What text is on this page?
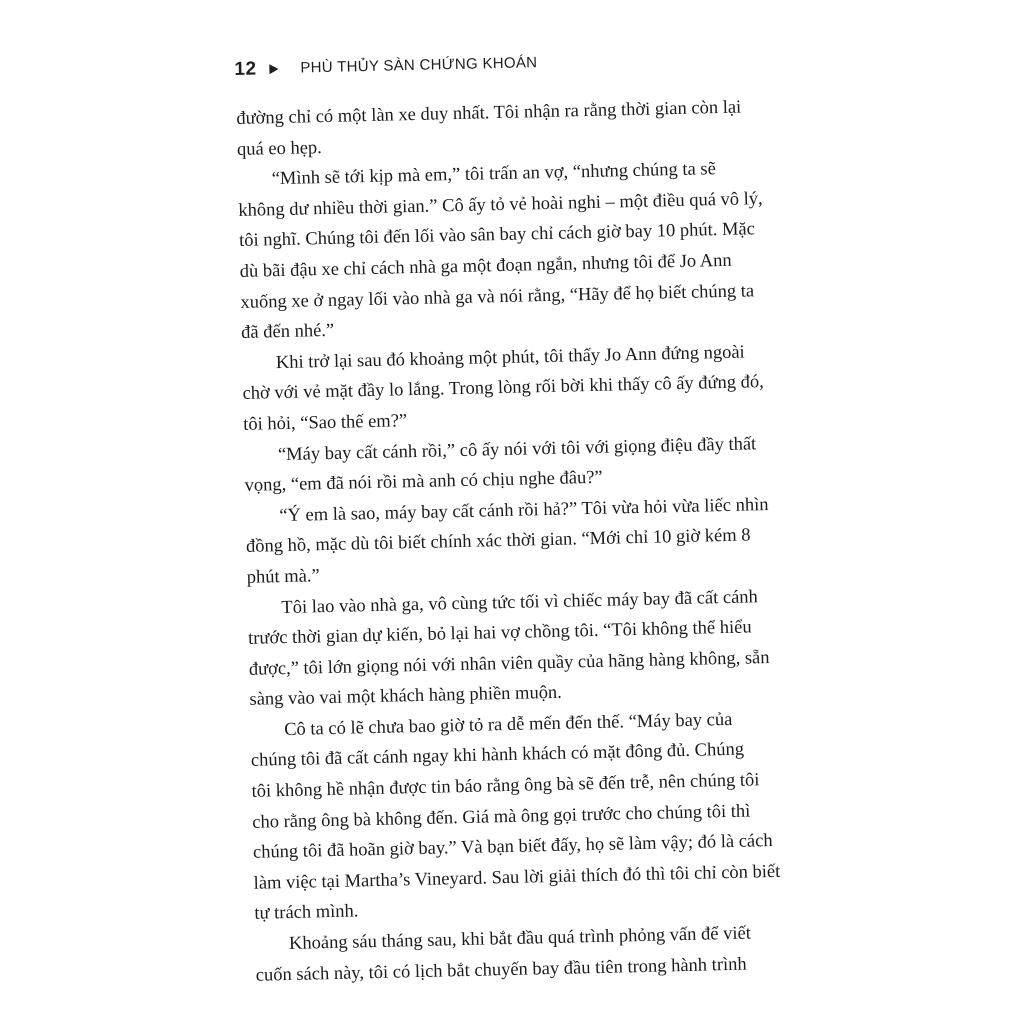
12	PHÙ THỦY SÀN CHỨNG KHOÁN

đường chỉ có một làn xe duy nhất. Tôi nhận ra rằng thời gian còn lại
quá eo hẹp.

“Mình sẽ tới kịp mà em,” tôi trấn an vợ, “nhưng chúng ta sẽ
không dư nhiều thời gian.” Cô ấy tỏ vẻ hoài nghi – một điều quá vô lý,
tôi nghĩ. Chúng tôi đến lối vào sân bay chỉ cách giờ bay 10 phút. Mặc
dù bãi đậu xe chỉ cách nhà ga một đoạn ngắn, nhưng tôi để Jo Ann
xuống xe ở ngay lối vào nhà ga và nói rằng, “Hãy để họ biết chúng ta
đã đến nhé.”

Khi trở lại sau đó khoảng một phút, tôi thấy Jo Ann đứng ngoài
chờ với vẻ mặt đầy lo lắng. Trong lòng rối bời khi thấy cô ấy đứng đó,
tôi hỏi, “Sao thế em?”

“Máy bay cất cánh rồi,” cô ấy nói với tôi với giọng điệu đầy thất
vọng, “em đã nói rồi mà anh có chịu nghe đâu?”

“Ý em là sao, máy bay cất cánh rồi hả?” Tôi vừa hỏi vừa liếc nhìn
đồng hồ, mặc dù tôi biết chính xác thời gian. “Mới chỉ 10 giờ kém 8
phút mà.”

Tôi lao vào nhà ga, vô cùng tức tối vì chiếc máy bay đã cất cánh
trước thời gian dự kiến, bỏ lại hai vợ chồng tôi. “Tôi không thể hiểu
được,” tôi lớn giọng nói với nhân viên quầy của hãng hàng không, sẵn
sàng vào vai một khách hàng phiền muộn.

Cô ta có lẽ chưa bao giờ tỏ ra dễ mến đến thế. “Máy bay của
chúng tôi đã cất cánh ngay khi hành khách có mặt đông đủ. Chúng
tôi không hề nhận được tin báo rằng ông bà sẽ đến trễ, nên chúng tôi
cho rằng ông bà không đến. Giá mà ông gọi trước cho chúng tôi thì
chúng tôi đã hoãn giờ bay.” Và bạn biết đấy, họ sẽ làm vậy; đó là cách
làm việc tại Martha’s Vineyard. Sau lời giải thích đó thì tôi chỉ còn biết
tự trách mình.

Khoảng sáu tháng sau, khi bắt đầu quá trình phỏng vấn để viết
cuốn sách này, tôi có lịch bắt chuyến bay đầu tiên trong hành trình
